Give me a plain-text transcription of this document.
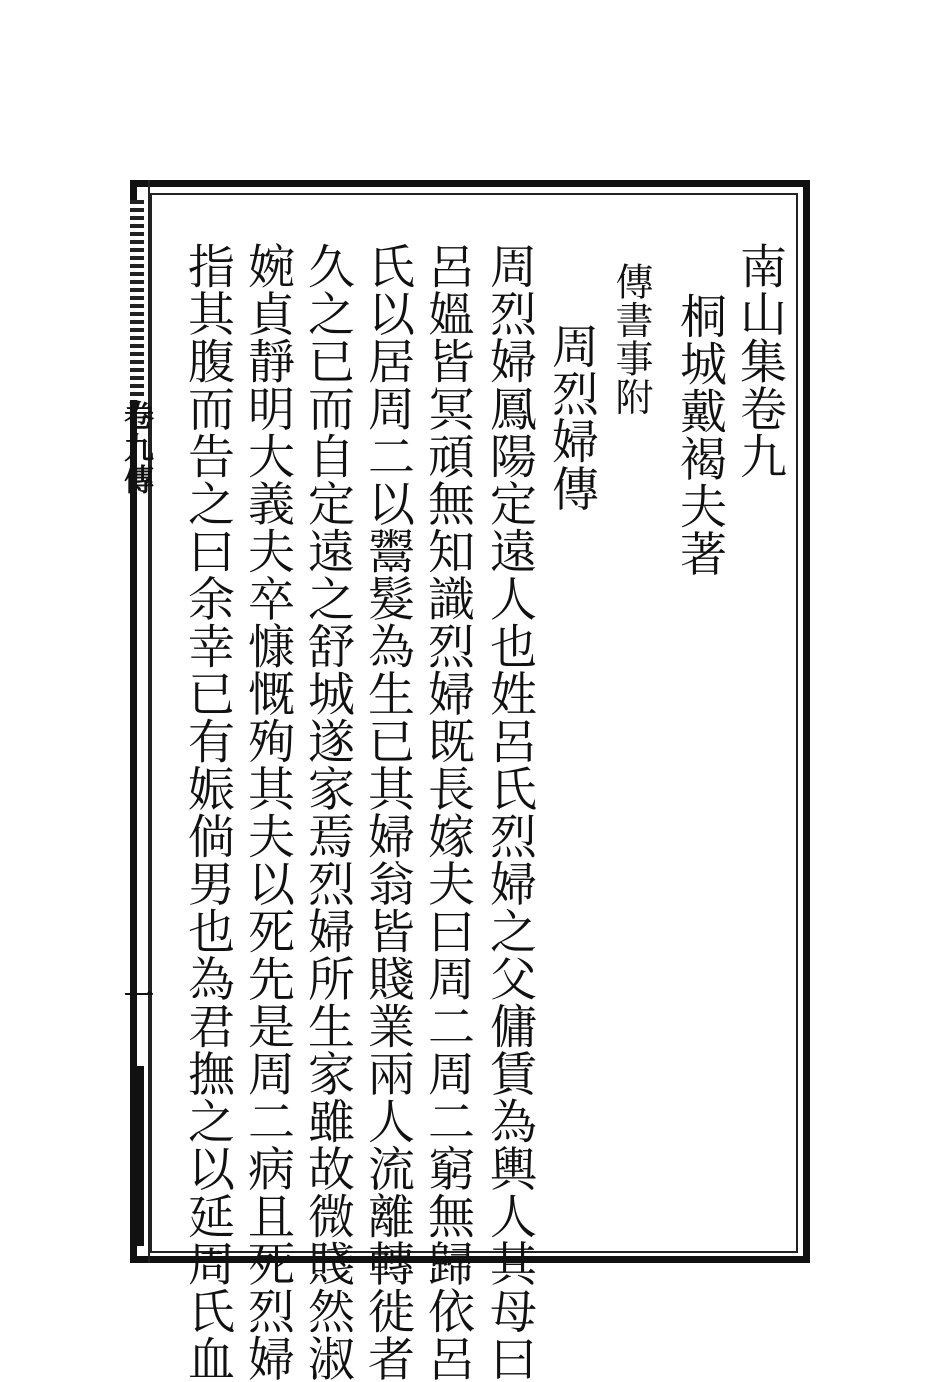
卷九傳
一
南山集卷九
桐城戴褐夫著
傳書事附
周烈婦傳
周烈婦鳳陽定遠人也姓呂氏烈婦之父傭賃為輿人其母曰
呂媼皆冥頑無知識烈婦既長嫁夫曰周二周二窮無歸依呂
氏以居周二以鬻髮為生已其婦翁皆賤業兩人流離轉徙者
久之已而自定遠之舒城遂家焉烈婦所生家雖故微賤然淑
婉貞靜明大義夫卒慷慨殉其夫以死先是周二病且死烈婦
指其腹而告之曰余幸已有娠倘男也為君撫之以延周氏血
